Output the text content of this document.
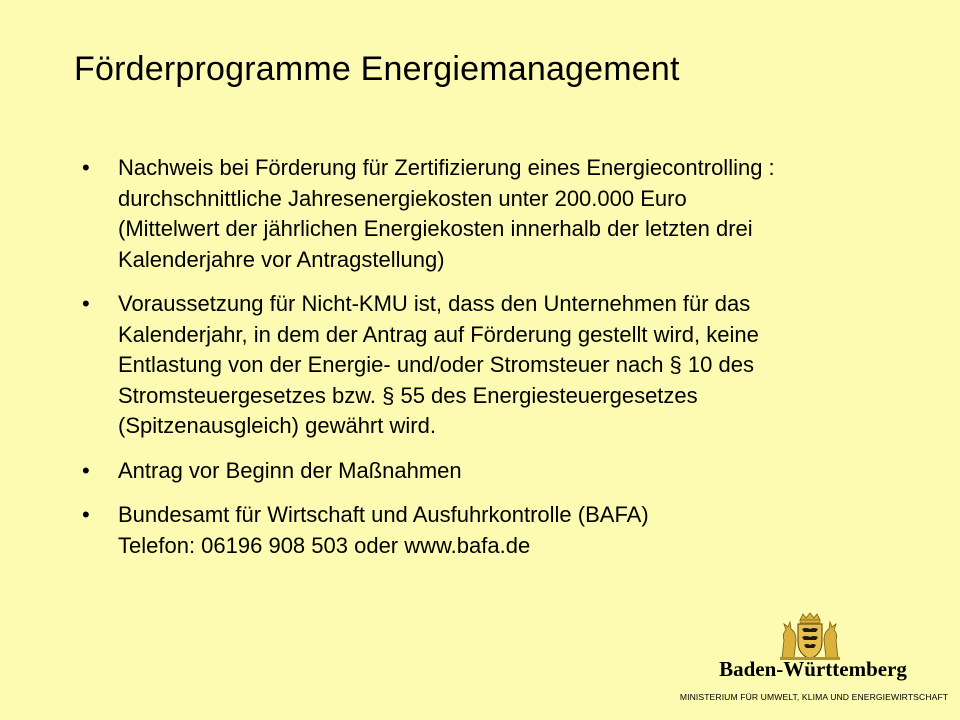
Förderprogramme Energiemanagement
• Nachweis bei Förderung für Zertifizierung eines Energiecontrolling :
durchschnittliche Jahresenergiekosten unter 200.000 Euro
(Mittelwert der jährlichen Energiekosten innerhalb der letzten drei
Kalenderjahre vor Antragstellung)
• Voraussetzung für Nicht-KMU ist, dass den Unternehmen für das
Kalenderjahr, in dem der Antrag auf Förderung gestellt wird, keine
Entlastung von der Energie- und/oder Stromsteuer nach § 10 des
Stromsteuergesetzes bzw. § 55 des Energiesteuergesetzes
(Spitzenausgleich) gewährt wird.
• Antrag vor Beginn der Maßnahmen
• Bundesamt für Wirtschaft und Ausfuhrkontrolle (BAFA)
Telefon: 06196 908 503 oder www.bafa.de
Baden-Württemberg
MINISTERIUM FÜR UMWELT, KLIMA UND ENERGIEWIRTSCHAFT
